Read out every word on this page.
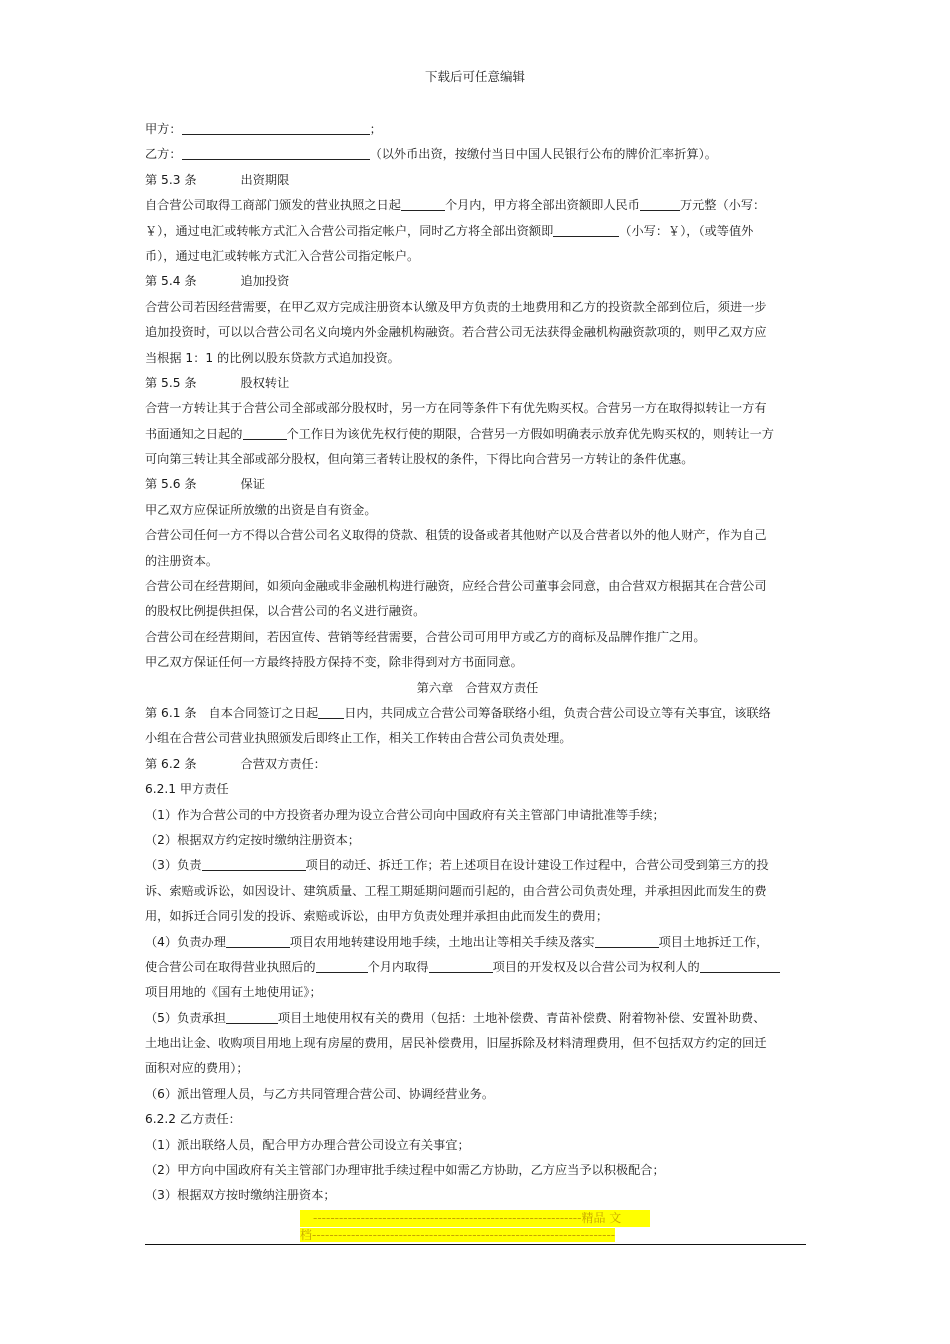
下载后可任意编辑
甲方：	；
乙方：	（以外币出资，按缴付当日中国人民银行公布的牌价汇率折算）。
第 5.3 条	出资期限
自合营公司取得工商部门颁发的营业执照之日起	个月内，甲方将全部出资额即人民币	万元整（小写：
￥），通过电汇或转帐方式汇入合营公司指定帐户，同时乙方将全部出资额即	（小写：￥），（或等值外
币），通过电汇或转帐方式汇入合营公司指定帐户。
第 5.4 条	追加投资
合营公司若因经营需要，在甲乙双方完成注册资本认缴及甲方负责的土地费用和乙方的投资款全部到位后，须进一步
追加投资时，可以以合营公司名义向境内外金融机构融资。若合营公司无法获得金融机构融资款项的，则甲乙双方应
当根据 1：1 的比例以股东贷款方式追加投资。
第 5.5 条	股权转让
合营一方转让其于合营公司全部或部分股权时，另一方在同等条件下有优先购买权。合营另一方在取得拟转让一方有
书面通知之日起的	个工作日为该优先权行使的期限，合营另一方假如明确表示放弃优先购买权的，则转让一方
可向第三转让其全部或部分股权，但向第三者转让股权的条件，下得比向合营另一方转让的条件优惠。
第 5.6 条	保证
甲乙双方应保证所放缴的出资是自有资金。
合营公司任何一方不得以合营公司名义取得的贷款、租赁的设备或者其他财产以及合营者以外的他人财产，作为自己
的注册资本。
合营公司在经营期间，如须向金融或非金融机构进行融资，应经合营公司董事会同意，由合营双方根据其在合营公司
的股权比例提供担保，以合营公司的名义进行融资。
合营公司在经营期间，若因宣传、营销等经营需要，合营公司可用甲方或乙方的商标及品牌作推广之用。
甲乙双方保证任何一方最终持股方保持不变，除非得到对方书面同意。
第六章 合营双方责任
第 6.1 条 自本合同签订之日起 日内，共同成立合营公司筹备联络小组，负责合营公司设立等有关事宜，该联络
小组在合营公司营业执照颁发后即终止工作，相关工作转由合营公司负责处理。
第 6.2 条	合营双方责任：
6.2.1 甲方责任
（1）作为合营公司的中方投资者办理为设立合营公司向中国政府有关主管部门申请批准等手续；
（2）根据双方约定按时缴纳注册资本；
（3）负责	项目的动迁、拆迁工作；若上述项目在设计建设工作过程中，合营公司受到第三方的投
诉、索赔或诉讼，如因设计、建筑质量、工程工期延期问题而引起的，由合营公司负责处理，并承担因此而发生的费
用，如拆迁合同引发的投诉、索赔或诉讼，由甲方负责处理并承担由此而发生的费用；
（4）负责办理	项目农用地转建设用地手续，土地出让等相关手续及落实	项目土地拆迁工作，
使合营公司在取得营业执照后的	个月内取得	项目的开发权及以合营公司为权利人的
项目用地的《国有土地使用证》；
（5）负责承担	项目土地使用权有关的费用（包括：土地补偿费、青苗补偿费、附着物补偿、安置补助费、
土地出让金、收购项目用地上现有房屋的费用，居民补偿费用，旧屋拆除及材料清理费用，但不包括双方约定的回迁
面积对应的费用）；
（6）派出管理人员，与乙方共同管理合营公司、协调经营业务。
6.2.2 乙方责任：
（1）派出联络人员，配合甲方办理合营公司设立有关事宜；
（2）甲方向中国政府有关主管部门办理审批手续过程中如需乙方协助，乙方应当予以积极配合；
（3）根据双方按时缴纳注册资本；
--------------------------------------------------------------精品 文
档----------------------------------------------------------------------
